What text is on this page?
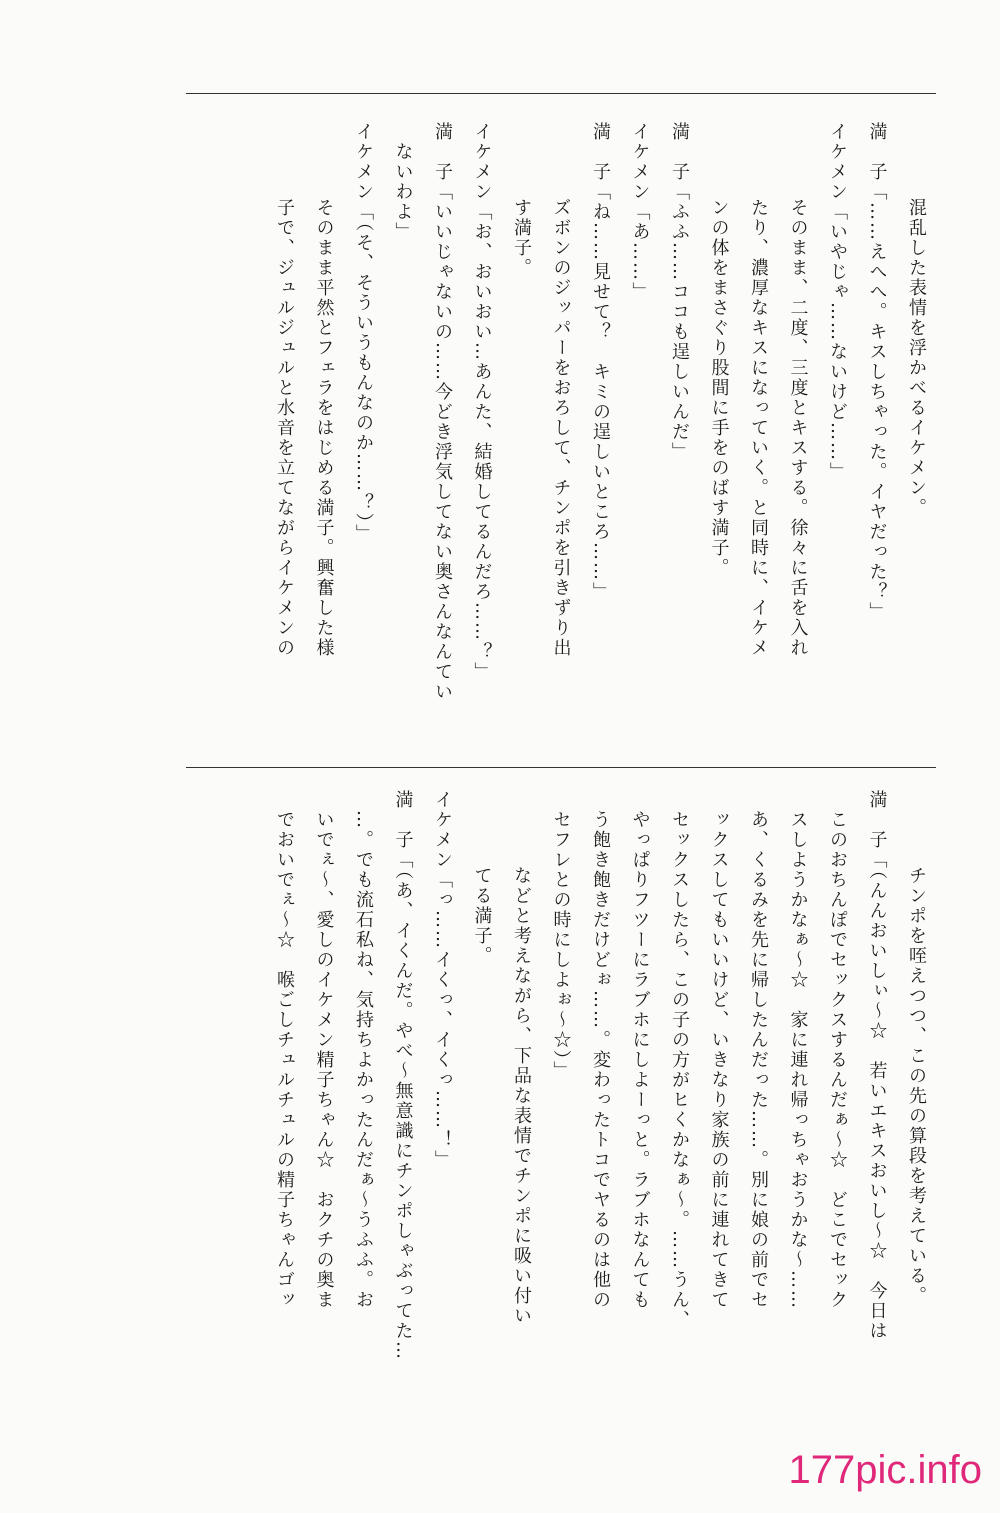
混乱した表情を浮かべるイケメン。
満　子「……えへへ。キスしちゃった。イヤだった？」
イケメン「いやじゃ……ないけど……」
そのまま、二度、三度とキスする。徐々に舌を入れ
たり、濃厚なキスになっていく。と同時に、イケメ
ンの体をまさぐり股間に手をのばす満子。
満　子「ふふ……ココも逞しいんだ」
イケメン「あ……」
満　子「ね……見せて？　キミの逞しいところ……」
ズボンのジッパーをおろして、チンポを引きずり出
す満子。
イケメン「お、おいおい…あんた、結婚してるんだろ……？」
満　子「いいじゃないの……今どき浮気してない奥さんなんてい
ないわよ」
イケメン「（そ、そういうもんなのか……？）」
そのまま平然とフェラをはじめる満子。興奮した様
子で、ジュルジュルと水音を立てながらイケメンの
チンポを咥えつつ、この先の算段を考えている。
満　子「（んんおいしぃ～☆　若いエキスおいし～☆　今日は
このおちんぽでセックスするんだぁ～☆　どこでセック
スしようかなぁ～☆　家に連れ帰っちゃおうかな～……
あ、くるみを先に帰したんだった……。別に娘の前でセ
ックスしてもいいけど、いきなり家族の前に連れてきて
セックスしたら、この子の方がヒくかなぁ～。……うん、
やっぱりフツーにラブホにしよーっと。ラブホなんても
う飽き飽きだけどぉ……。変わったトコでヤるのは他の
セフレとの時にしよぉ～☆）」
などと考えながら、下品な表情でチンポに吸い付い
てる満子。
イケメン「っ……イくっ、イくっ……！」
満　子「（あ、イくんだ。やべ～無意識にチンポしゃぶってた…
…。でも流石私ね、気持ちよかったんだぁ～うふふ。お
いでぇ～、愛しのイケメン精子ちゃん☆　おクチの奥ま
でおいでぇ～☆　喉ごしチュルチュルの精子ちゃんゴッ
177pic.info
